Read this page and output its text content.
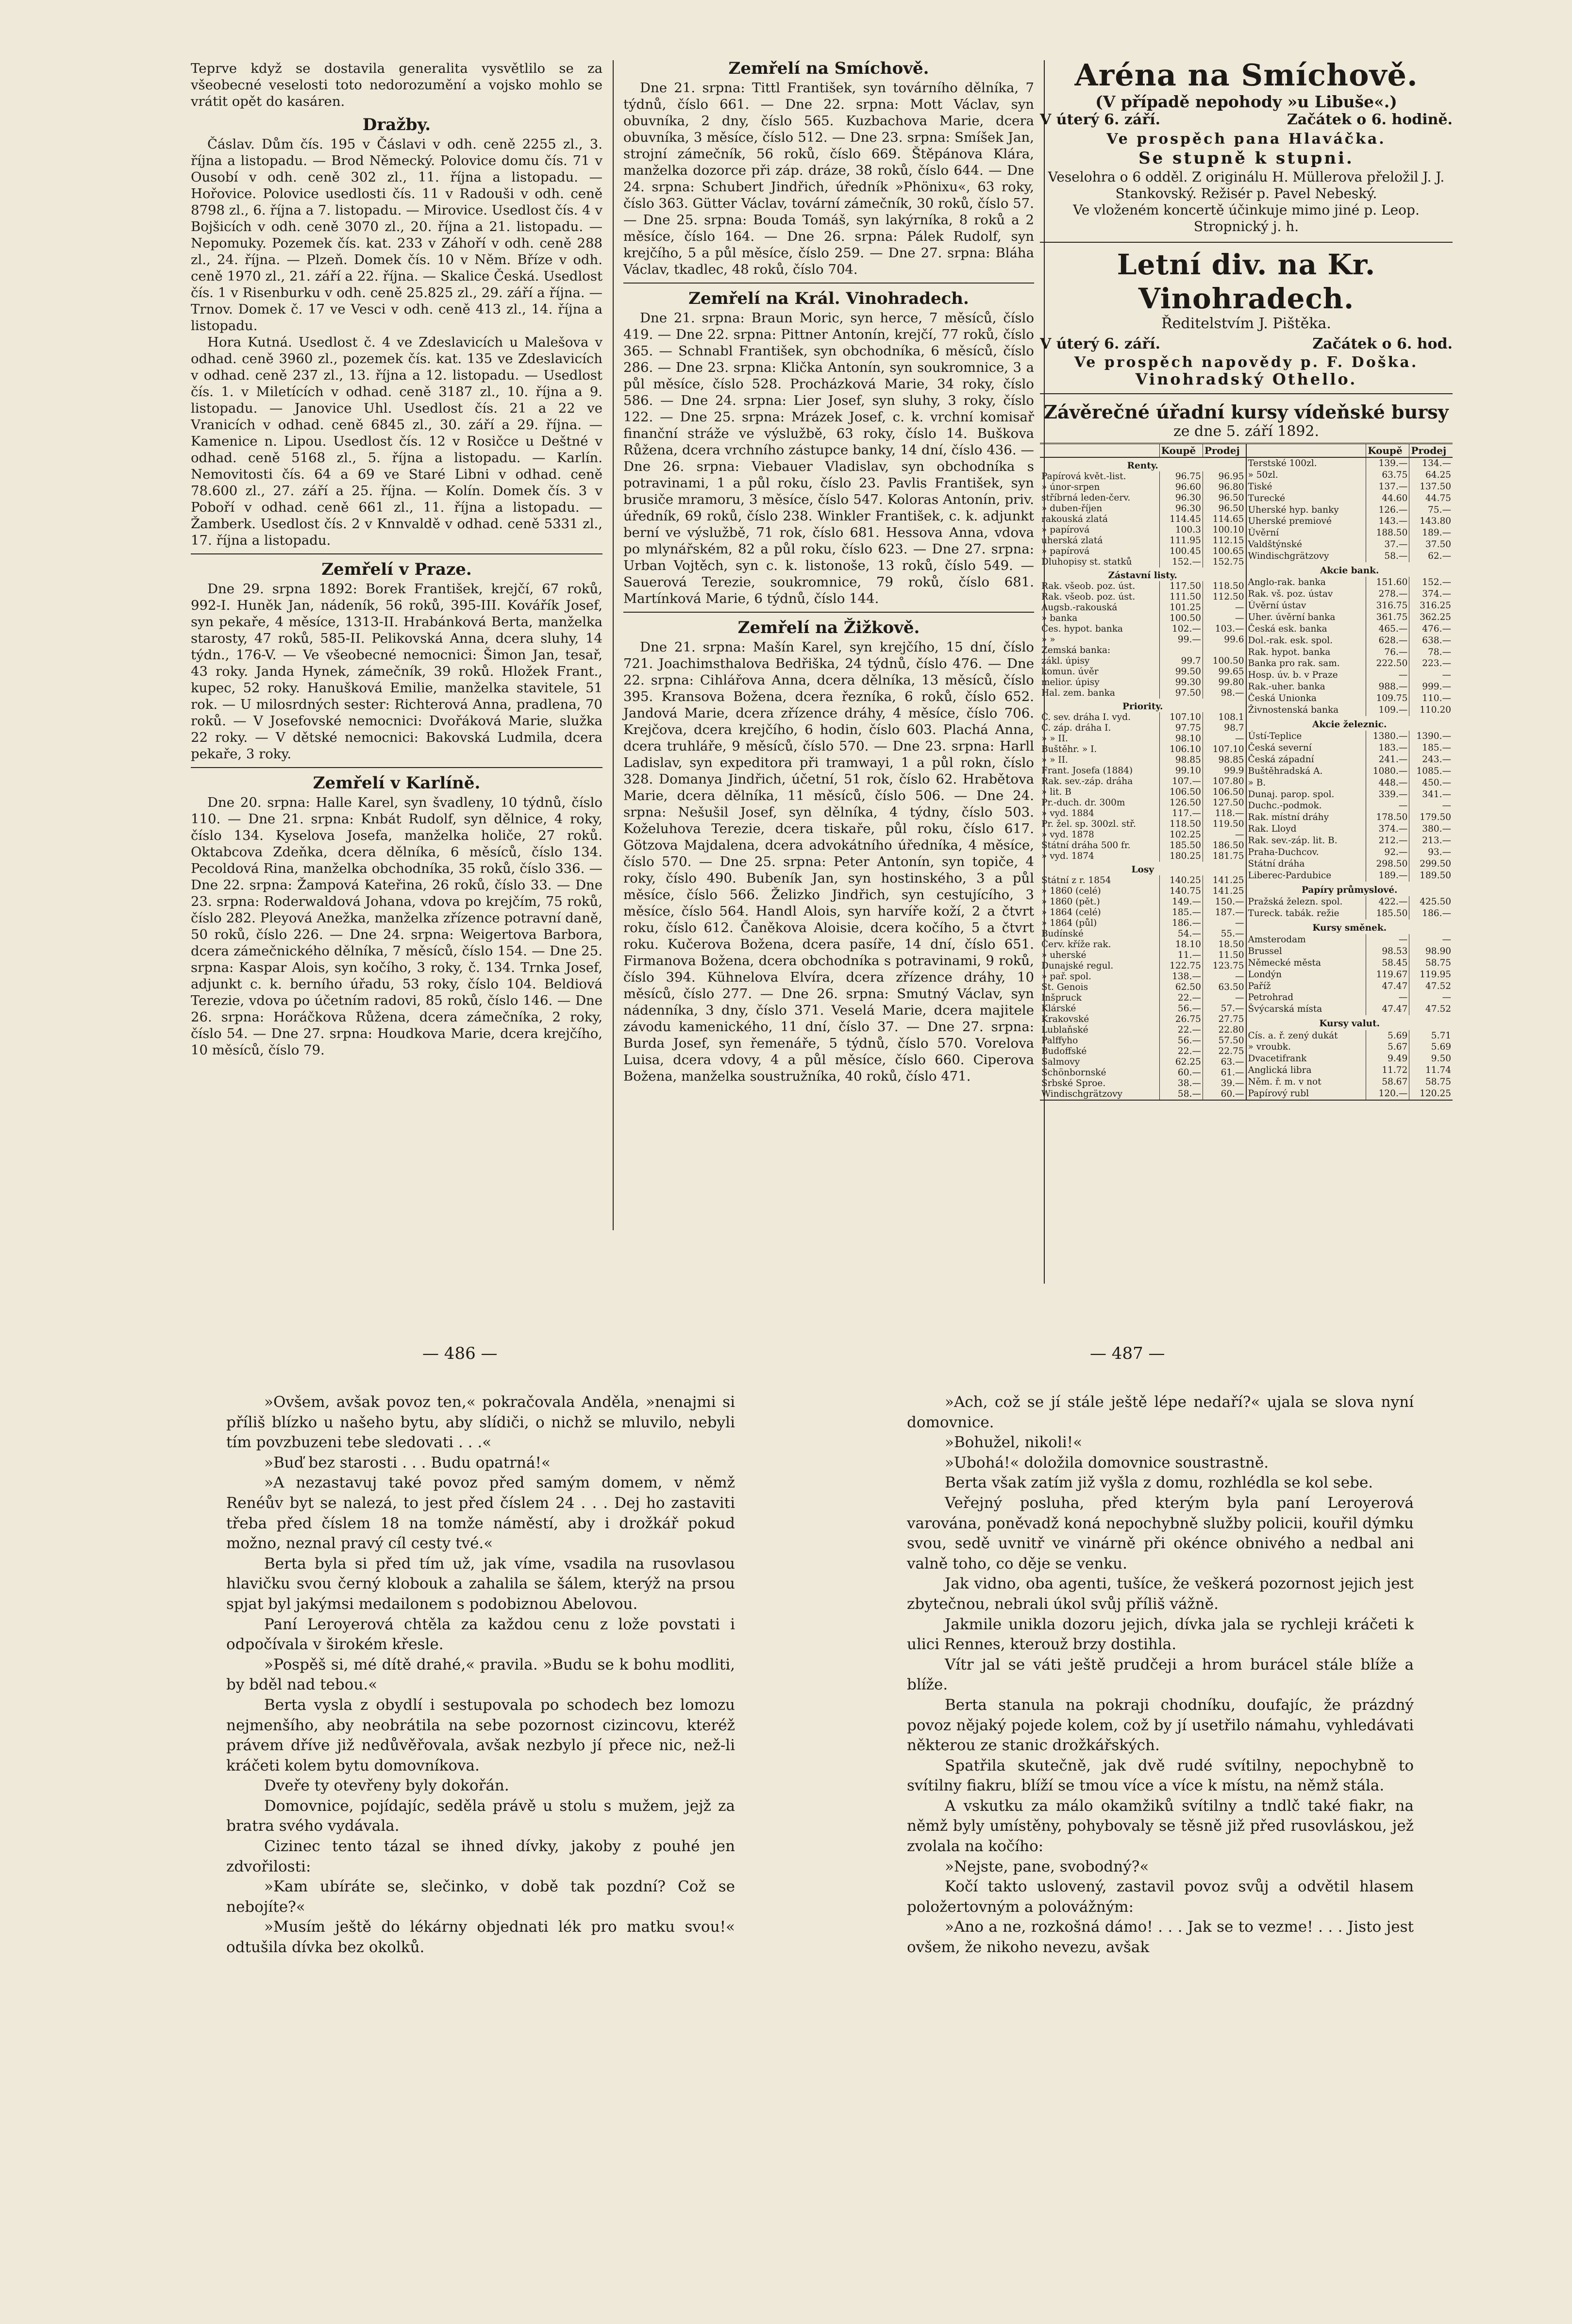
Teprve když se dostavila generalita vysvětlilo se za všeobecné veselosti toto nedorozumění a vojsko mohlo se vrátit opět do kasáren.

Dražby.

Čáslav. Dům čís. 195 v Čáslavi v odh. ceně 2255 zl., 3. října a listopadu. — Brod Německý. Polovice domu čís. 71 v Ousobí v odh. ceně 302 zl., 11. října a listopadu. — Hořovice. Polovice usedlosti čís. 11 v Radouši v odh. ceně 8798 zl., 6. října a 7. listopadu. — Mirovice. Usedlost čís. 4 v Bojšicích v odh. ceně 3070 zl., 20. října a 21. listopadu. — Nepomuky. Pozemek čís. kat. 233 v Záhoří v odh. ceně 288 zl., 24. října. — Plzeň. Domek čís. 10 v Něm. Bříze v odh. ceně 1970 zl., 21. září a 22. října. — Skalice Česká. Usedlost čís. 1 v Risenburku v odh. ceně 25.825 zl., 29. září a října. — Trnov. Domek č. 17 ve Vesci v odh. ceně 413 zl., 14. října a listopadu.

Hora Kutná. Usedlost č. 4 ve Zdeslavicích u Malešova v odhad. ceně 3960 zl., pozemek čís. kat. 135 ve Zdeslavicích v odhad. ceně 237 zl., 13. října a 12. listopadu. — Usedlost čís. 1. v Miletících v odhad. ceně 3187 zl., 10. října a 9. listopadu. — Janovice Uhl. Usedlost čís. 21 a 22 ve Vranicích v odhad. ceně 6845 zl., 30. září a 29. října. — Kamenice n. Lipou. Usedlost čís. 12 v Rosičce u Deštné v odhad. ceně 5168 zl., 5. října a listopadu. — Karlín. Nemovitosti čís. 64 a 69 ve Staré Libni v odhad. ceně 78.600 zl., 27. září a 25. října. — Kolín. Domek čís. 3 v Poboří v odhad. ceně 661 zl., 11. října a listopadu. — Žamberk. Usedlost čís. 2 v Knnvaldě v odhad. ceně 5331 zl., 17. října a listopadu.

Zemřelí v Praze.

Dne 29. srpna 1892: Borek František, krejčí, 67 roků, 992-I. Huněk Jan, nádeník, 56 roků, 395-III. Kovářík Josef, syn pekaře, 4 měsíce, 1313-II. Hrabánková Berta, manželka starosty, 47 roků, 585-II. Pelikovská Anna, dcera sluhy, 14 týdn., 176-V. — Ve všeobecné nemocnici: Šimon Jan, tesař, 43 roky. Janda Hynek, zámečník, 39 roků. Hložek Frant., kupec, 52 roky. Hanušková Emilie, manželka stavitele, 51 rok. — U milosrdných sester: Richterová Anna, pradlena, 70 roků. — V Josefovské nemocnici: Dvořáková Marie, služka 22 roky. — V dětské nemocnici: Bakovská Ludmila, dcera pekaře, 3 roky.

Zemřelí v Karlíně.

Dne 20. srpna: Halle Karel, syn švadleny, 10 týdnů, číslo 110. — Dne 21. srpna: Knbát Rudolf, syn dělnice, 4 roky, číslo 134. Kyselova Josefa, manželka holiče, 27 roků. Oktabcova Zdeňka, dcera dělníka, 6 měsíců, číslo 134. Pecoldová Rina, manželka obchodníka, 35 roků, číslo 336. — Dne 22. srpna: Žampová Kateřina, 26 roků, číslo 33. — Dne 23. srpna: Roderwaldová Johana, vdova po krejčím, 75 roků, číslo 282. Pleyová Anežka, manželka zřízence potravní daně, 50 roků, číslo 226. — Dne 24. srpna: Weigertova Barbora, dcera zámečnického dělníka, 7 měsíců, číslo 154. — Dne 25. srpna: Kaspar Alois, syn kočího, 3 roky, č. 134. Trnka Josef, adjunkt c. k. berního úřadu, 53 roky, číslo 104. Beldiová Terezie, vdova po účetním radovi, 85 roků, číslo 146. — Dne 26. srpna: Horáčkova Růžena, dcera zámečníka, 2 roky, číslo 54. — Dne 27. srpna: Houdkova Marie, dcera krejčího, 10 měsíců, číslo 79.

Zemřelí na Smíchově.

Dne 21. srpna: Tittl František, syn továrního dělníka, 7 týdnů, číslo 661. — Dne 22. srpna: Mott Václav, syn obuvníka, 2 dny, číslo 565. Kuzbachova Marie, dcera obuvníka, 3 měsíce, číslo 512. — Dne 23. srpna: Smíšek Jan, strojní zámečník, 56 roků, číslo 669. Štěpánova Klára, manželka dozorce při záp. dráze, 38 roků, číslo 644. — Dne 24. srpna: Schubert Jindřich, úředník »Phönixu«, 63 roky, číslo 363. Gütter Václav, tovární zámečník, 30 roků, číslo 57. — Dne 25. srpna: Bouda Tomáš, syn lakýrníka, 8 roků a 2 měsíce, číslo 164. — Dne 26. srpna: Pálek Rudolf, syn krejčího, 5 a půl měsíce, číslo 259. — Dne 27. srpna: Bláha Václav, tkadlec, 48 roků, číslo 704.

Zemřelí na Král. Vinohradech.

Dne 21. srpna: Braun Moric, syn herce, 7 měsíců, číslo 419. — Dne 22. srpna: Pittner Antonín, krejčí, 77 roků, číslo 365. — Schnabl František, syn obchodníka, 6 měsíců, číslo 286. — Dne 23. srpna: Klička Antonín, syn soukromnice, 3 a půl měsíce, číslo 528. Procházková Marie, 34 roky, číslo 586. — Dne 24. srpna: Lier Josef, syn sluhy, 3 roky, číslo 122. — Dne 25. srpna: Mrázek Josef, c. k. vrchní komisař finanční stráže ve výslužbě, 63 roky, číslo 14. Buškova Růžena, dcera vrchního zástupce banky, 14 dní, číslo 436. — Dne 26. srpna: Viebauer Vladislav, syn obchodníka s potravinami, 1 a půl roku, číslo 23. Pavlis František, syn brusiče mramoru, 3 měsíce, číslo 547. Koloras Antonín, priv. úředník, 69 roků, číslo 238. Winkler František, c. k. adjunkt berní ve výslužbě, 71 rok, číslo 681. Hessova Anna, vdova po mlynářském, 82 a půl roku, číslo 623. — Dne 27. srpna: Urban Vojtěch, syn c. k. listonoše, 13 roků, číslo 549. — Sauerová Terezie, soukromnice, 79 roků, číslo 681. Martínková Marie, 6 týdnů, číslo 144.

Zemřelí na Žižkově.

Dne 21. srpna: Mašín Karel, syn krejčího, 15 dní, číslo 721. Joachimsthalova Bedřiška, 24 týdnů, číslo 476. — Dne 22. srpna: Cihlářova Anna, dcera dělníka, 13 měsíců, číslo 395. Kransova Božena, dcera řezníka, 6 roků, číslo 652. Jandová Marie, dcera zřízence dráhy, 4 měsíce, číslo 706. Krejčova, dcera krejčího, 6 hodin, číslo 603. Plachá Anna, dcera truhláře, 9 měsíců, číslo 570. — Dne 23. srpna: Harll Ladislav, syn expeditora při tramwayi, 1 a půl rokn, číslo 328. Domanya Jindřich, účetní, 51 rok, číslo 62. Hrabětova Marie, dcera dělníka, 11 měsíců, číslo 506. — Dne 24. srpna: Nešušil Josef, syn dělníka, 4 týdny, číslo 503. Koželuhova Terezie, dcera tiskaře, půl roku, číslo 617. Götzova Majdalena, dcera advokátního úředníka, 4 měsíce, číslo 570. — Dne 25. srpna: Peter Antonín, syn topiče, 4 roky, číslo 490. Bubeník Jan, syn hostinského, 3 a půl měsíce, číslo 566. Želizko Jindřich, syn cestujícího, 3 měsíce, číslo 564. Handl Alois, syn harvíře koží, 2 a čtvrt roku, číslo 612. Čaněkova Aloisie, dcera kočího, 5 a čtvrt roku. Kučerova Božena, dcera pasíře, 14 dní, číslo 651. Firmanova Božena, dcera obchodníka s potravinami, 9 roků, číslo 394. Kühnelova Elvíra, dcera zřízence dráhy, 10 měsíců, číslo 277. — Dne 26. srpna: Smutný Václav, syn nádenníka, 3 dny, číslo 371. Veselá Marie, dcera majitele závodu kamenického, 11 dní, číslo 37. — Dne 27. srpna: Burda Josef, syn řemenáře, 5 týdnů, číslo 570. Vorelova Luisa, dcera vdovy, 4 a půl měsíce, číslo 660. Ciperova Božena, manželka soustružníka, 40 roků, číslo 471.

Aréna na Smíchově.
(V případě nepohody »u Libuše«.)
V úterý 6. září.	Začátek o 6. hodině.
Ve prospěch pana Hlaváčka.
Se stupně k stupni.
Veselohra o 6 odděl. Z originálu H. Müllerova přeložil J. J. Stankovský. Režisér p. Pavel Nebeský.
Ve vloženém koncertě účinkuje mimo jiné p. Leop. Stropnický j. h.
Letní div. na Kr. Vinohradech.
Ředitelstvím J. Pištěka.
V úterý 6. září.	Začátek o 6. hod.
Ve prospěch napovědy p. F. Doška.
Vinohradský Othello.
Závěrečné úřadní kursy vídeňské bursy
ze dne 5. září 1892.
	Koupě	Prodej
Renty.		
Papírová květ.-list.	96.75	96.95
» únor-srpen	96.60	96.80
stříbrná leden-červ.	96.30	96.50
» duben-říjen	96.30	96.50
rakouská zlatá	114.45	114.65
» papírová	100.3	100.10
uherská zlatá	111.95	112.15
» papírová	100.45	100.65
Dluhopisy st. statků	152.—	152.75
Zástavní listy.		
Rak. všeob. poz. úst.	117.50	118.50
Rak. všeob. poz. úst.	111.50	112.50
Augsb.-rakouská	101.25	—
» banka	100.50	—
Čes. hypot. banka	102.—	103.—
» »	99.—	99.6
Zemská banka:		
zákl. úpisy	99.7	100.50
komun. úvěr	99.50	99.65
melior. úpisy	99.30	99.80
Hal. zem. banka	97.50	98.—
Priority.		
Č. sev. dráha I. vyd.	107.10	108.1
C. záp. dráha I.	97.75	98.7
» » II.	98.10	—
Buštěhr. » I.	106.10	107.10
» » II.	98.85	98.85
Frant. Josefa (1884)	99.10	99.9
Rak. sev.-záp. dráha	107.—	107.80
» lit. B	106.50	106.50
Pr.-duch. dr. 300m	126.50	127.50
» vyd. 1884	117.—	118.—
Pr. žel. sp. 300zl. stř.	118.50	119.50
» vyd. 1878	102.25	—
Státní dráha 500 fr.	185.50	186.50
» vyd. 1874	180.25	181.75
Losy		
Státní z r. 1854	140.25	141.25
» 1860 (celé)	140.75	141.25
» 1860 (pět.)	149.—	150.—
» 1864 (celé)	185.—	187.—
» 1864 (půl)	186.—	—
Budínské	54.—	55.—
Červ. kříže rak.	18.10	18.50
» uherské	11.—	11.50
Dunajské regul.	122.75	123.75
» pař. spol.	138.—	—
St. Genois	62.50	63.50
Inšpruck	22.—	—
Klárské	56.—	57.—
Krakovské	26.75	27.75
Lublaňské	22.—	22.80
Palffyho	56.—	57.50
Budoffské	22.—	22.75
Salmovy	62.25	63.—
Schönbornské	60.—	61.—
Srbské Sproe.	38.—	39.—
Windischgrätzovy	58.—	60.—
	Koupě	Prodej
Terstské 100zl.	139.—	134.—
» 50zl.	63.75	64.25
Tiské	137.—	137.50
Turecké	44.60	44.75
Uherské hyp. banky	126.—	75.—
Uherské premiové	143.—	143.80
Úvěrní	188.50	189.—
Valdštýnské	37.—	37.50
Windischgrätzovy	58.—	62.—
Akcie bank.		
Anglo-rak. banka	151.60	152.—
Rak. vš. poz. ústav	278.—	374.—
Úvěrní ústav	316.75	316.25
Uher. úvěrní banka	361.75	362.25
Česká esk. banka	465.—	476.—
Dol.-rak. esk. spol.	628.—	638.—
Rak. hypot. banka	76.—	78.—
Banka pro rak. sam.	222.50	223.—
Hosp. úv. b. v Praze	—	—
Rak.-uher. banka	988.—	999.—
Česká Unionka	109.75	110.—
Živnostenská banka	109.—	110.20
Akcie železnic.		
Ústí-Teplice	1380.—	1390.—
Česká severní	183.—	185.—
Česká západní	241.—	243.—
Buštěhradská A.	1080.—	1085.—
» B.	448.—	450.—
Dunaj. parop. spol.	339.—	341.—
Duchc.-podmok.	—	—
Rak. místní dráhy	178.50	179.50
Rak. Lloyd	374.—	380.—
Rak. sev.-záp. lit. B.	212.—	213.—
Praha-Duchcov.	92.—	93.—
Státní dráha	298.50	299.50
Liberec-Pardubice	189.—	189.50
Papíry průmyslové.		
Pražská železn. spol.	422.—	425.50
Tureck. tabák. režie	185.50	186.—
Kursy směnek.		
Amsterodam	—	—
Brussel	98.53	98.90
Německé města	58.45	58.75
Londýn	119.67	119.95
Paříž	47.47	47.52
Petrohrad	—	—
Švýcarská místa	47.47	47.52
Kursy valut.		
Cís. a. ř. zený dukát	5.69	5.71
» vroubk.	5.67	5.69
Dvacetifrank	9.49	9.50
Anglická libra	11.72	11.74
Něm. ř. m. v not	58.67	58.75
Papírový rubl	120.—	120.25
— 486 —	— 487 —

»Ovšem, avšak povoz ten,« pokračovala Anděla, »nenajmi si příliš blízko u našeho bytu, aby slídiči, o nichž se mluvilo, nebyli tím povzbuzeni tebe sledovati . . .«

»Buď bez starosti . . . Budu opatrná!«

»A nezastavuj také povoz před samým domem, v němž Renéův byt se nalezá, to jest před číslem 24 . . . Dej ho zastaviti třeba před číslem 18 na tomže náměstí, aby i drožkář pokud možno, neznal pravý cíl cesty tvé.«

Berta byla si před tím už, jak víme, vsadila na rusovlasou hlavičku svou černý klobouk a zahalila se šálem, kterýž na prsou spjat byl jakýmsi medailonem s podobiznou Abelovou.

Paní Leroyerová chtěla za každou cenu z lože povstati i odpočívala v širokém křesle.

»Pospěš si, mé dítě drahé,« pravila. »Budu se k bohu modliti, by bděl nad tebou.«

Berta vysla z obydlí i sestupovala po schodech bez lomozu nejmenšího, aby neobrátila na sebe pozornost cizincovu, kteréž právem dříve již nedůvěřovala, avšak nezbylo jí přece nic, než-li kráčeti kolem bytu domovníkova.

Dveře ty otevřeny byly dokořán.

Domovnice, pojídajíc, seděla právě u stolu s mužem, jejž za bratra svého vydávala.

Cizinec tento tázal se ihned dívky, jakoby z pouhé jen zdvořilosti:

»Kam ubíráte se, slečinko, v době tak pozdní? Což se nebojíte?«

»Musím ještě do lékárny objednati lék pro matku svou!« odtušila dívka bez okolků.

»Ach, což se jí stále ještě lépe nedaří?« ujala se slova nyní domovnice.

»Bohužel, nikoli!«

»Ubohá!« doložila domovnice soustrastně.

Berta však zatím již vyšla z domu, rozhlédla se kol sebe.

Veřejný posluha, před kterým byla paní Leroyerová varována, poněvadž koná nepochybně služby policii, kouřil dýmku svou, sedě uvnitř ve vinárně při okénce obnivého a nedbal ani valně toho, co děje se venku.

Jak vidno, oba agenti, tušíce, že veškerá pozornost jejich jest zbytečnou, nebrali úkol svůj příliš vážně.

Jakmile unikla dozoru jejich, dívka jala se rychleji kráčeti k ulici Rennes, kterouž brzy dostihla.

Vítr jal se váti ještě prudčeji a hrom burácel stále blíže a blíže.

Berta stanula na pokraji chodníku, doufajíc, že prázdný povoz nějaký pojede kolem, což by jí usetřilo námahu, vyhledávati některou ze stanic drožkářských.

Spatřila skutečně, jak dvě rudé svítilny, nepochybně to svítilny fiakru, blíží se tmou více a více k místu, na němž stála.

A vskutku za málo okamžiků svítilny a tndlč také fiakr, na němž byly umístěny, pohybovaly se těsně již před rusovláskou, jež zvolala na kočího:

»Nejste, pane, svobodný?«

Kočí takto uslovený, zastavil povoz svůj a odvětil hlasem položertovným a polovážným:

»Ano a ne, rozkošná dámo! . . . Jak se to vezme! . . . Jisto jest ovšem, že nikoho nevezu, avšak
